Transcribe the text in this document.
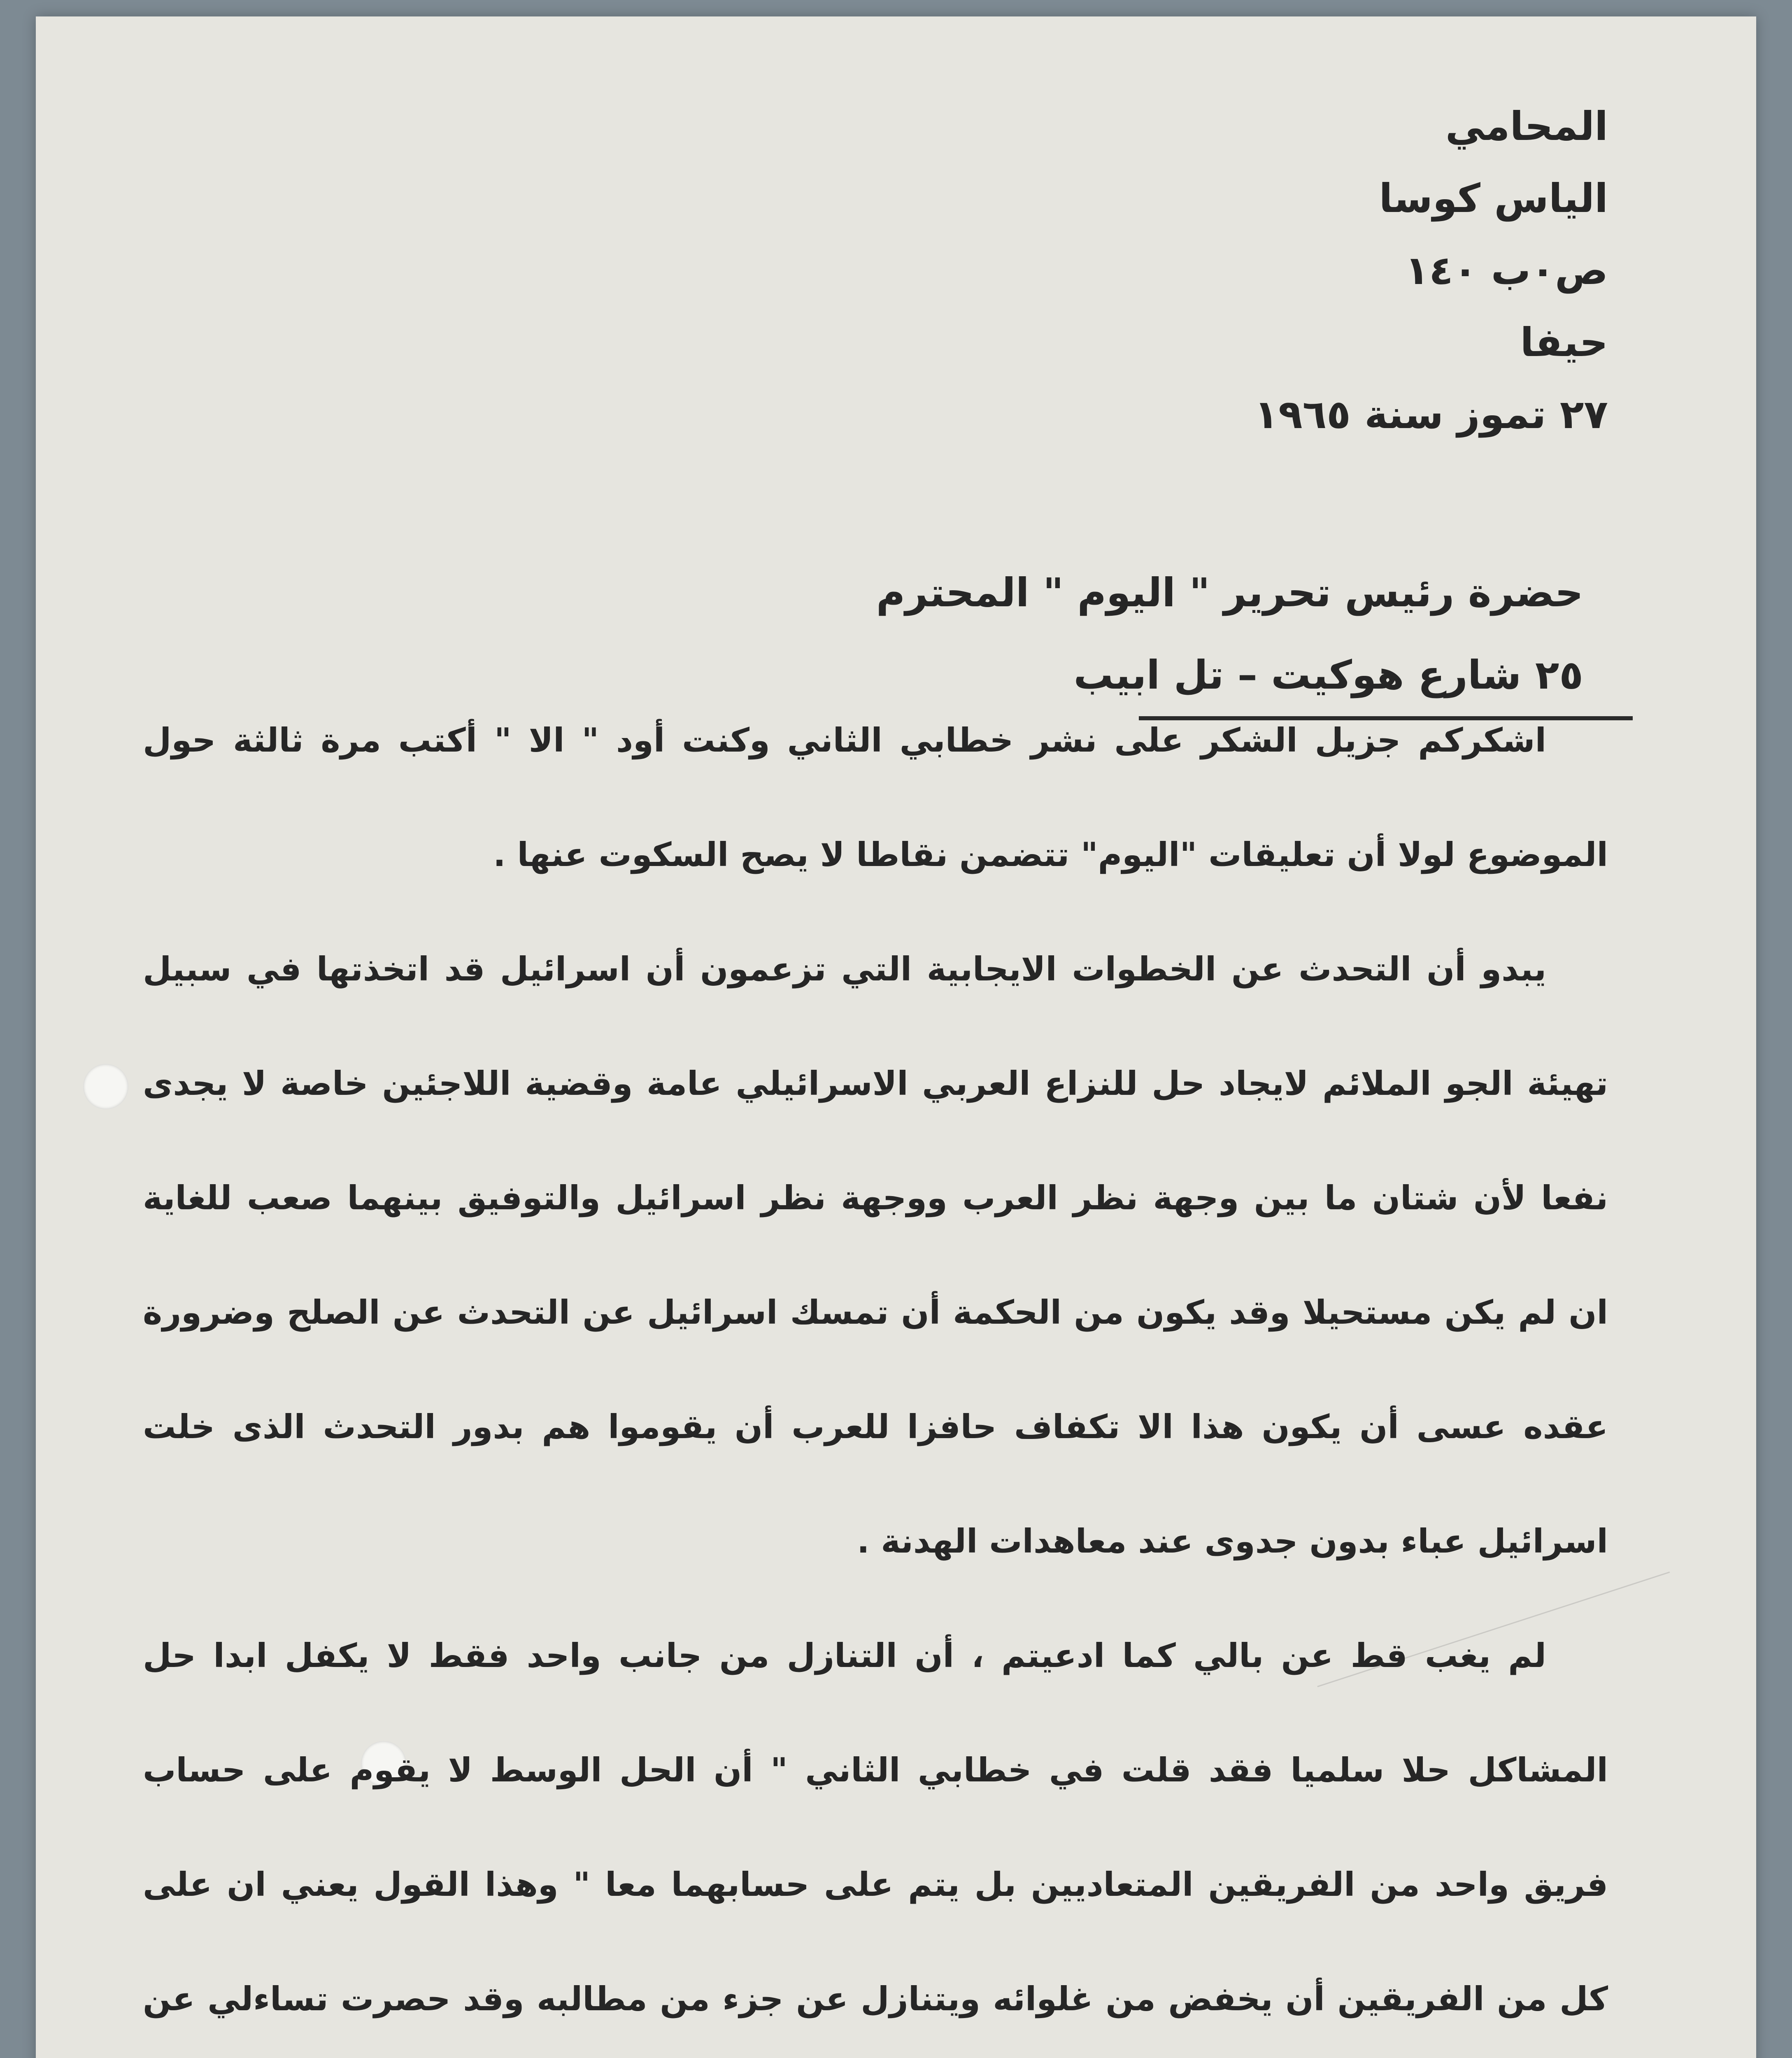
المحامي
الياس كوسا
ص٠ب ١٤٠
حيفا
٢٧ تموز سنة ١٩٦٥
حضرة رئيس تحرير " اليوم " المحترم
٢٥ شارع هوكيت – تل ابيب

اشكركم جزيل الشكر على نشر خطابي الثاني وكنت أود " الا " أكتب مرة ثالثة حول الموضوع لولا أن تعليقات "اليوم" تتضمن نقاطا لا يصح السكوت عنها .

يبدو أن التحدث عن الخطوات الايجابية التي تزعمون أن اسرائيل قد اتخذتها في سبيل تهيئة الجو الملائم لايجاد حل للنزاع العربي الاسرائيلي عامة وقضية اللاجئين خاصة لا يجدى نفعا لأن شتان ما بين وجهة نظر العرب ووجهة نظر اسرائيل والتوفيق بينهما صعب للغاية ان لم يكن مستحيلا وقد يكون من الحكمة أن تمسك اسرائيل عن التحدث عن الصلح وضرورة عقده عسى أن يكون هذا الا تكفاف حافزا للعرب أن يقوموا هم بدور التحدث الذى خلت اسرائيل عباء بدون جدوى عند معاهدات الهدنة .

لم يغب قط عن بالي كما ادعيتم ، أن التنازل من جانب واحد فقط لا يكفل ابدا حل المشاكل حلا سلميا فقد قلت في خطابي الثاني " أن الحل الوسط لا يقوم على حساب فريق واحد من الفريقين المتعاديين بل يتم على حسابهما معا " وهذا القول يعني ان على كل من الفريقين أن يخفض من غلوائه ويتنازل عن جزء من مطالبه وقد حصرت تساءلي عن
